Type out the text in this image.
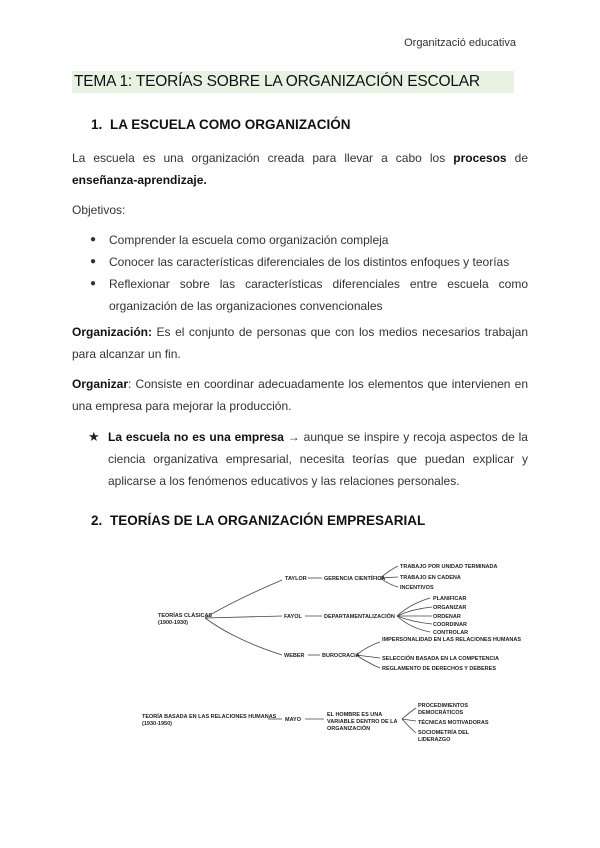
Organització educativa
TEMA 1: TEORÍAS SOBRE LA ORGANIZACIÓN ESCOLAR
1. LA ESCUELA COMO ORGANIZACIÓN
La escuela es una organización creada para llevar a cabo los procesos de enseñanza-aprendizaje.
Objetivos:
● Comprender la escuela como organización compleja
● Conocer las características diferenciales de los distintos enfoques y teorías
● Reflexionar sobre las características diferenciales entre escuela como organización de las organizaciones convencionales
Organización: Es el conjunto de personas que con los medios necesarios trabajan para alcanzar un fin.
Organizar: Consiste en coordinar adecuadamente los elementos que intervienen en una empresa para mejorar la producción.
★ La escuela no es una empresa → aunque se inspire y recoja aspectos de la ciencia organizativa empresarial, necesita teorías que puedan explicar y aplicarse a los fenómenos educativos y las relaciones personales.
2. TEORÍAS DE LA ORGANIZACIÓN EMPRESARIAL
TEORÍAS CLÁSICAS
(1900-1930)
TAYLOR	GERENCIA CIENTÍFICA
TRABAJO POR UNIDAD TERMINADA
TRABAJO EN CADENA
INCENTIVOS
FAYOL	DEPARTAMENTALIZACIÓN
PLANIFICAR
ORGANIZAR
ORDENAR
COORDINAR
CONTROLAR
WEBER	BUROCRACIA
IMPERSONALIDAD EN LAS RELACIONES HUMANAS
SELECCIÓN BASADA EN LA COMPETENCIA
REGLAMENTO DE DERECHOS Y DEBERES
TEORÍA BASADA EN LAS RELACIONES HUMANAS
(1930-1950)
MAYO
EL HOMBRE ES UNA
VARIABLE DENTRO DE LA
ORGANIZACIÓN
PROCEDIMIENTOS
DEMOCRÁTICOS
TÉCNICAS MOTIVADORAS
SOCIOMETRÍA DEL
LIDERAZGO
